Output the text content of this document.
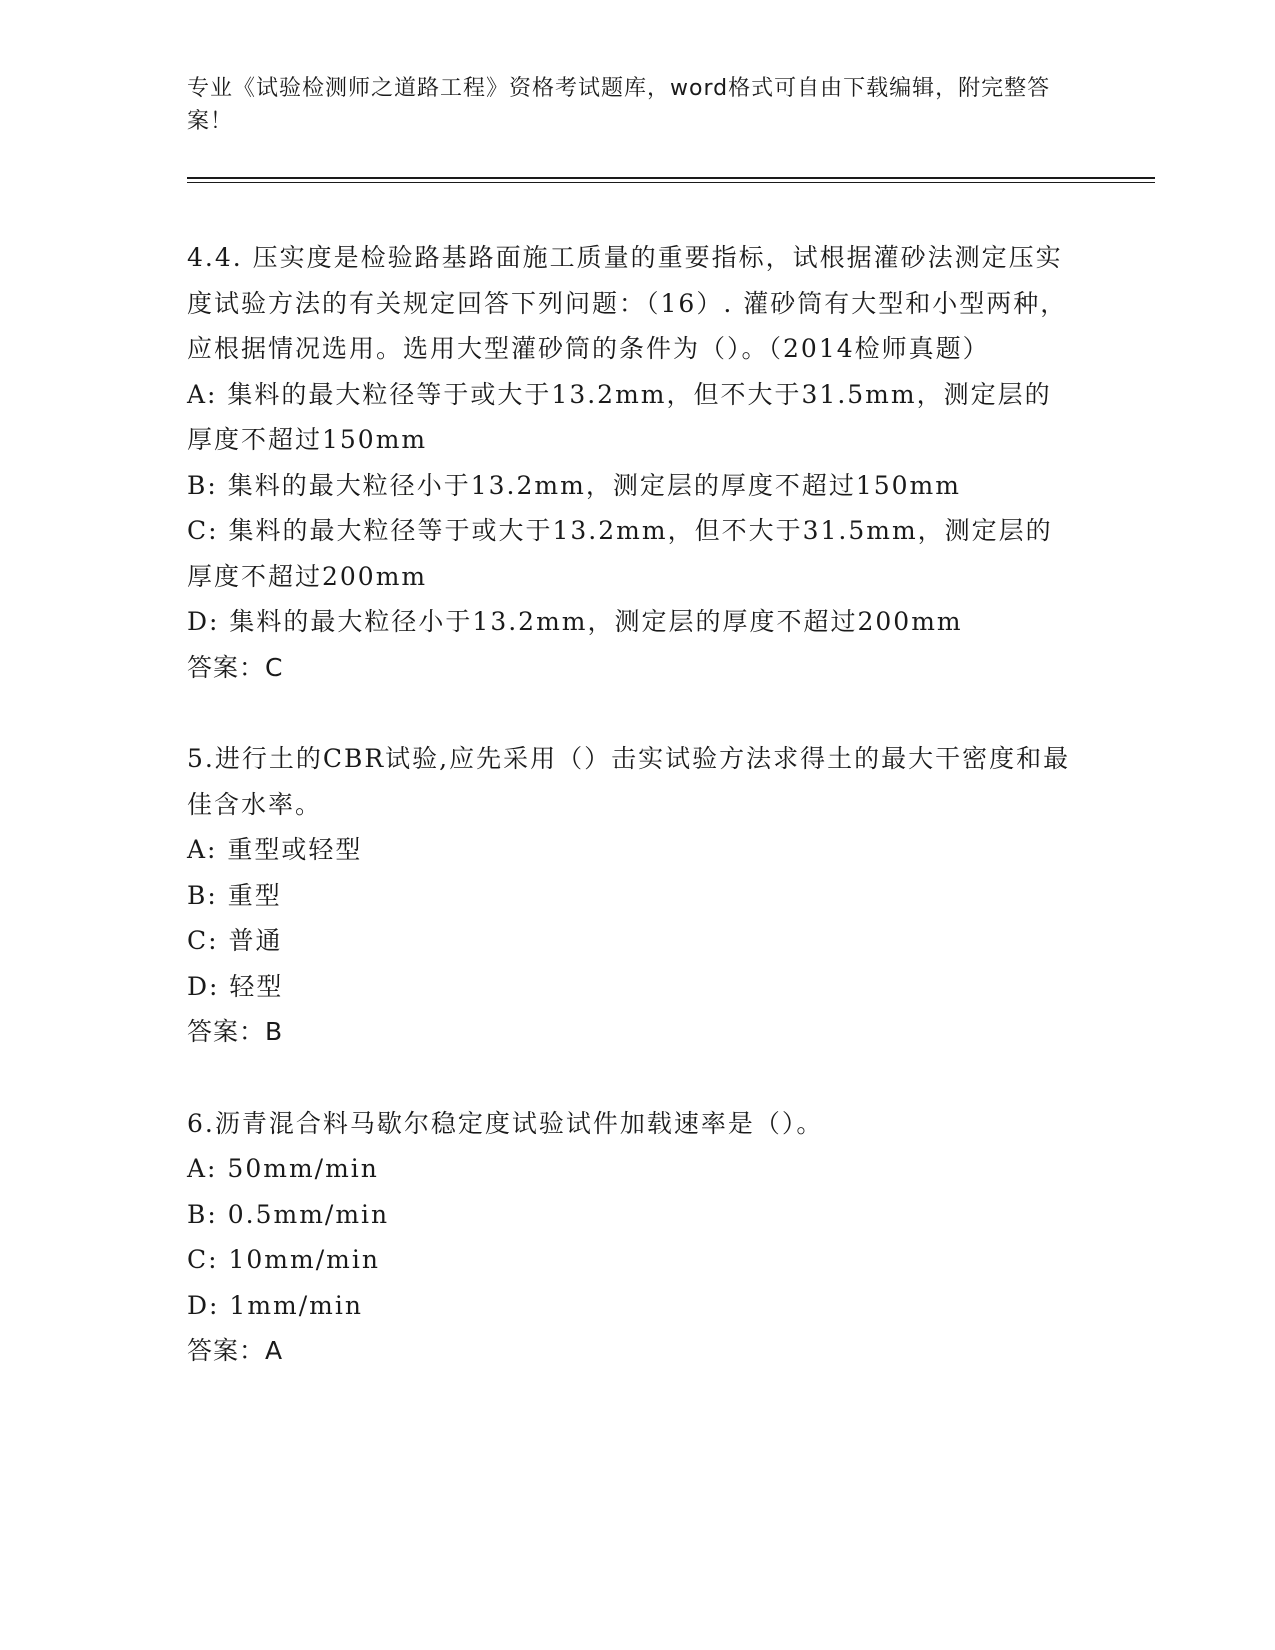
专业《试验检测师之道路工程》资格考试题库，word格式可自由下载编辑，附完整答案！

4.4. 压实度是检验路基路面施工质量的重要指标，试根据灌砂法测定压实度试验方法的有关规定回答下列问题：（16）. 灌砂筒有大型和小型两种，应根据情况选用。选用大型灌砂筒的条件为（）。（2014检师真题）

A: 集料的最大粒径等于或大于13.2mm，但不大于31.5mm，测定层的厚度不超过150mm

B: 集料的最大粒径小于13.2mm，测定层的厚度不超过150mm

C: 集料的最大粒径等于或大于13.2mm，但不大于31.5mm，测定层的厚度不超过200mm

D: 集料的最大粒径小于13.2mm，测定层的厚度不超过200mm

答案：C

5.进行土的CBR试验,应先采用（）击实试验方法求得土的最大干密度和最佳含水率。

A: 重型或轻型

B: 重型

C: 普通

D: 轻型

答案：B

6.沥青混合料马歇尔稳定度试验试件加载速率是（）。

A: 50mm/min

B: 0.5mm/min

C: 10mm/min

D: 1mm/min

答案：A
